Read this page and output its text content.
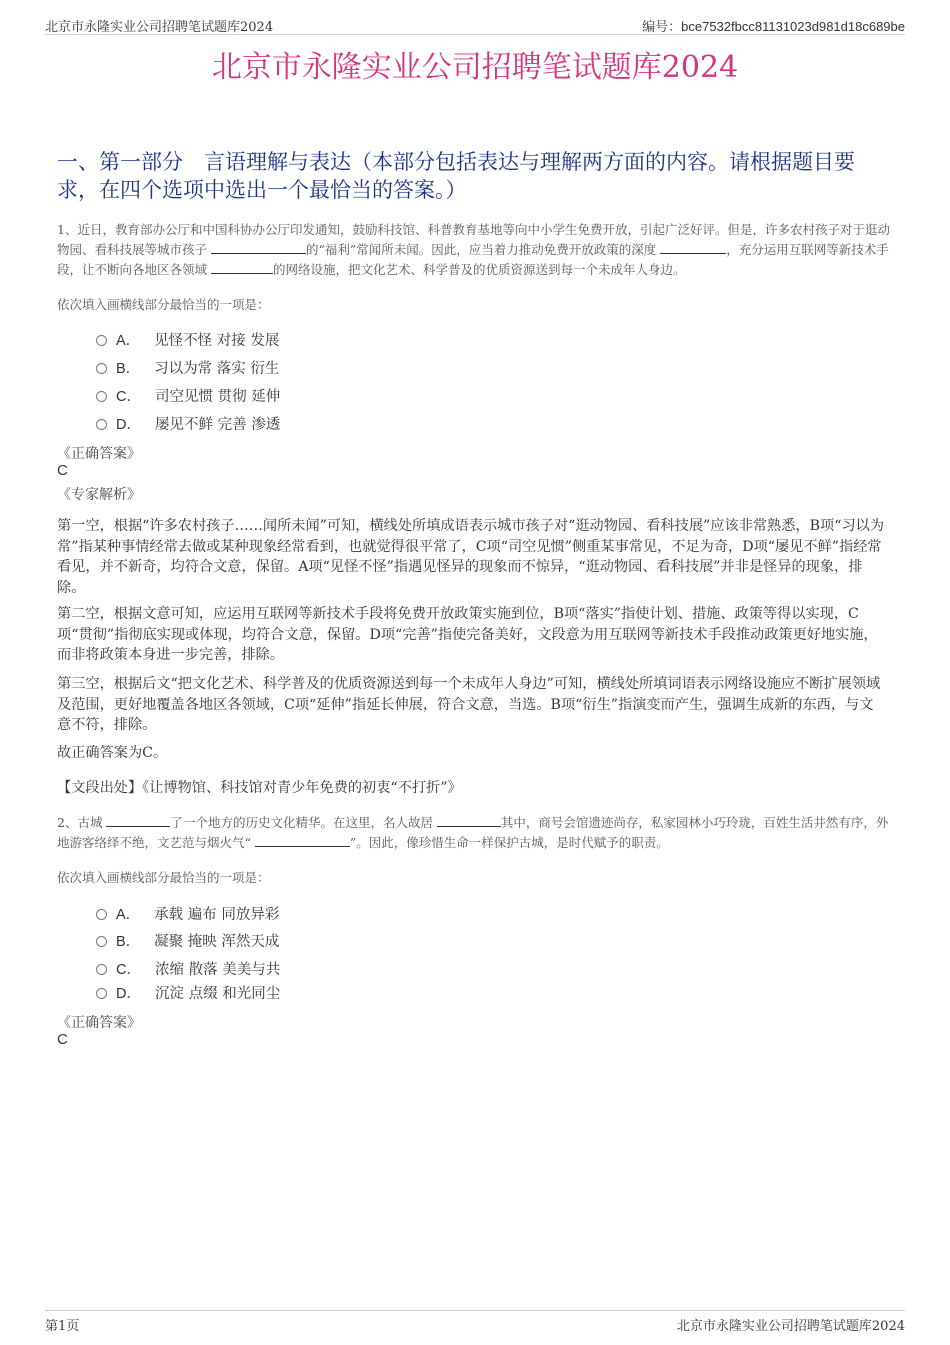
北京市永隆实业公司招聘笔试题库2024	编号：bce7532fbcc81131023d981d18c689be
北京市永隆实业公司招聘笔试题库2024
一、第一部分　言语理解与表达（本部分包括表达与理解两方面的内容。请根据题目要求，在四个选项中选出一个最恰当的答案。）
1、近日，教育部办公厅和中国科协办公厅印发通知，鼓励科技馆、科普教育基地等向中小学生免费开放，引起广泛好评。但是，许多农村孩子对于逛动物园、看科技展等城市孩子	的“福利”常闻所未闻。因此，应当着力推动免费开放政策的深度	，充分运用互联网等新技术手段，让不断向各地区各领域	的网络设施，把文化艺术、科学普及的优质资源送到每一个未成年人身边。
依次填入画横线部分最恰当的一项是：
A． 见怪不怪 对接 发展
B． 习以为常 落实 衍生
C． 司空见惯 贯彻 延伸
D． 屡见不鲜 完善 渗透
《正确答案》
C
《专家解析》
第一空，根据“许多农村孩子……闻所未闻”可知，横线处所填成语表示城市孩子对“逛动物园、看科技展”应该非常熟悉，B项“习以为常”指某种事情经常去做或某种现象经常看到，也就觉得很平常了，C项“司空见惯”侧重某事常见，不足为奇，D项“屡见不鲜”指经常看见，并不新奇，均符合文意，保留。A项“见怪不怪”指遇见怪异的现象而不惊异，“逛动物园、看科技展”并非是怪异的现象，排除。
第二空，根据文意可知，应运用互联网等新技术手段将免费开放政策实施到位，B项“落实”指使计划、措施、政策等得以实现，C项“贯彻”指彻底实现或体现，均符合文意，保留。D项“完善”指使完备美好，文段意为用互联网等新技术手段推动政策更好地实施，而非将政策本身进一步完善，排除。
第三空，根据后文“把文化艺术、科学普及的优质资源送到每一个未成年人身边”可知，横线处所填词语表示网络设施应不断扩展领域及范围，更好地覆盖各地区各领域，C项“延伸”指延长伸展，符合文意，当选。B项“衍生”指演变而产生，强调生成新的东西，与文意不符，排除。
故正确答案为C。
【文段出处】《让博物馆、科技馆对青少年免费的初衷“不打折”》
2、古城	了一个地方的历史文化精华。在这里，名人故居	其中，商号会馆遗迹尚存，私家园林小巧玲珑，百姓生活井然有序，外地游客络绎不绝，文艺范与烟火气“	”。因此，像珍惜生命一样保护古城，是时代赋予的职责。
依次填入画横线部分最恰当的一项是：
A． 承载 遍布 同放异彩
B． 凝聚 掩映 浑然天成
C． 浓缩 散落 美美与共
D． 沉淀 点缀 和光同尘
《正确答案》
C
第1页	北京市永隆实业公司招聘笔试题库2024
